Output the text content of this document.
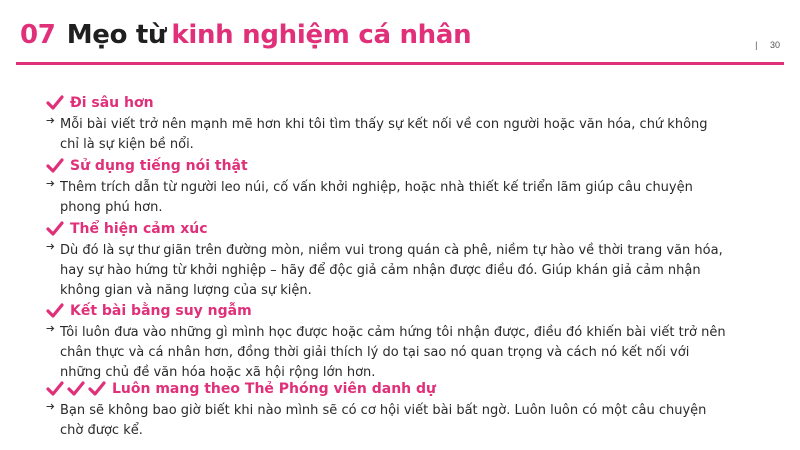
07 Mẹo từ kinh nghiệm cá nhân	| 30
Đi sâu hơn
Mỗi bài viết trở nên mạnh mẽ hơn khi tôi tìm thấy sự kết nối về con người hoặc văn hóa, chứ không chỉ là sự kiện bề nổi.
Sử dụng tiếng nói thật
Thêm trích dẫn từ người leo núi, cố vấn khởi nghiệp, hoặc nhà thiết kế triển lãm giúp câu chuyện phong phú hơn.
Thể hiện cảm xúc
Dù đó là sự thư giãn trên đường mòn, niềm vui trong quán cà phê, niềm tự hào về thời trang văn hóa, hay sự hào hứng từ khởi nghiệp – hãy để độc giả cảm nhận được điều đó. Giúp khán giả cảm nhận không gian và năng lượng của sự kiện.
Kết bài bằng suy ngẫm
Tôi luôn đưa vào những gì mình học được hoặc cảm hứng tôi nhận được, điều đó khiến bài viết trở nên chân thực và cá nhân hơn, đồng thời giải thích lý do tại sao nó quan trọng và cách nó kết nối với những chủ đề văn hóa hoặc xã hội rộng lớn hơn.
Luôn mang theo Thẻ Phóng viên danh dự
Bạn sẽ không bao giờ biết khi nào mình sẽ có cơ hội viết bài bất ngờ. Luôn luôn có một câu chuyện chờ được kể.
